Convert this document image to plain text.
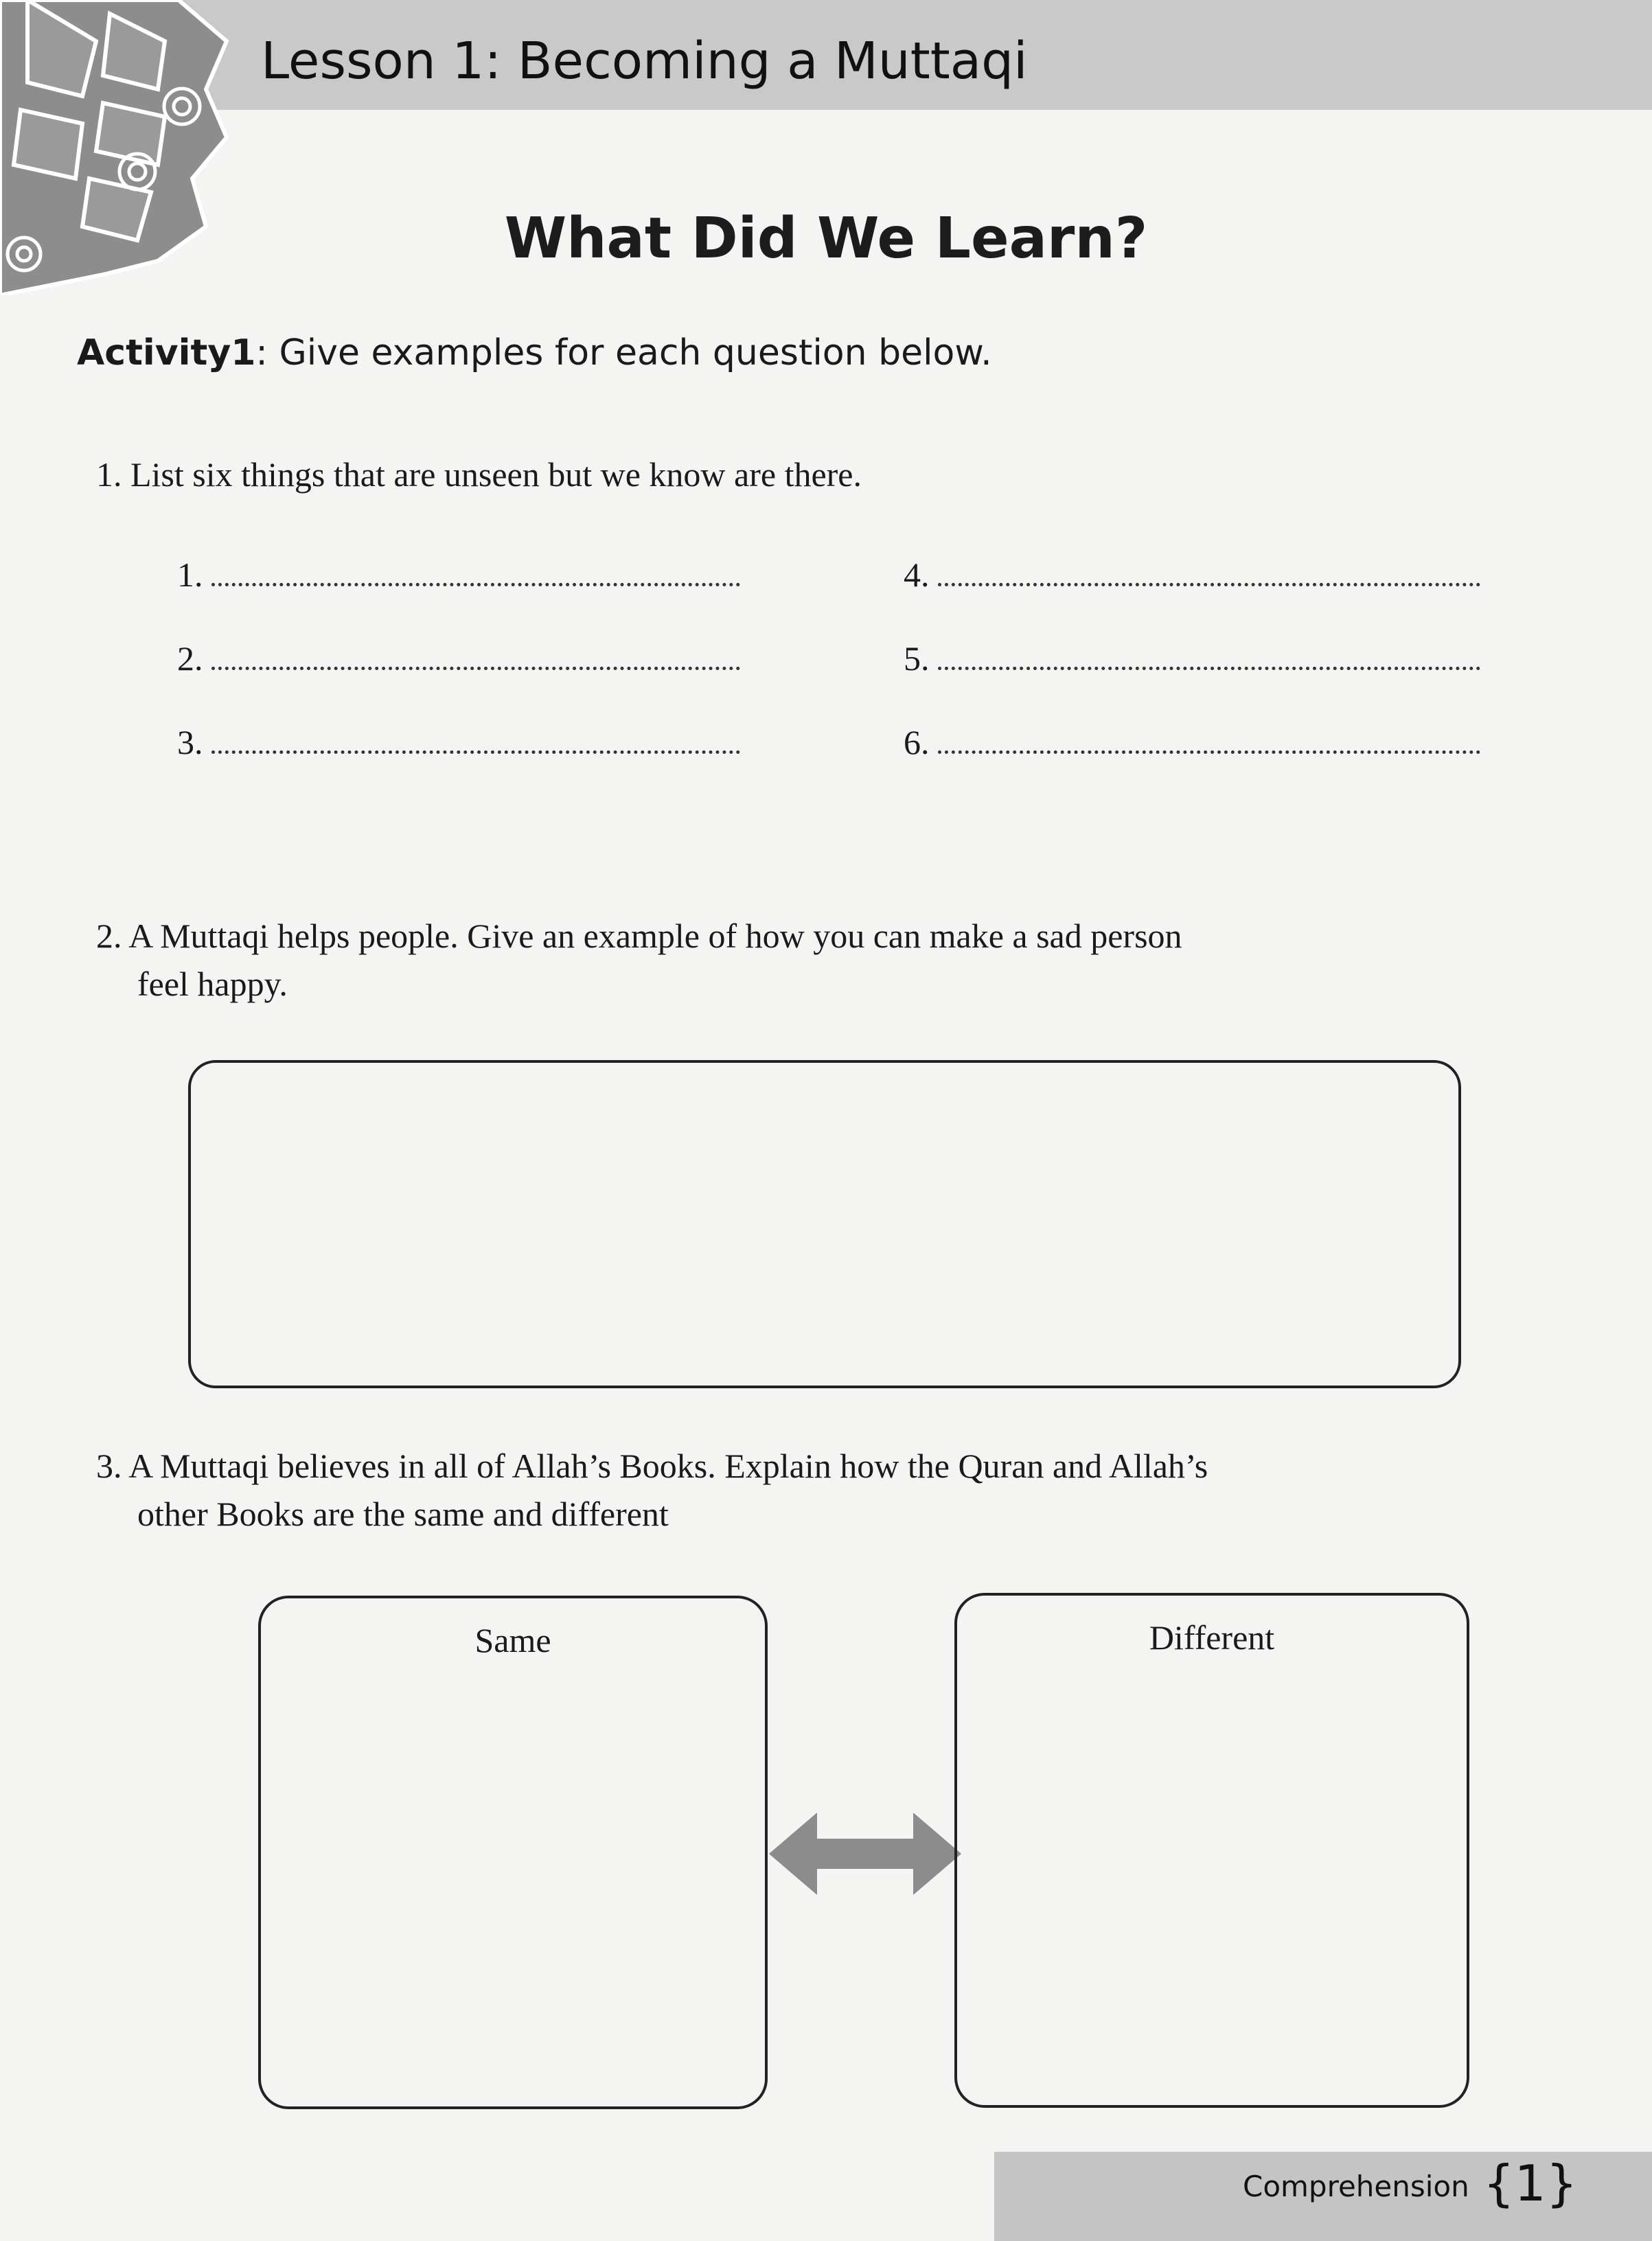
Lesson 1: Becoming a Muttaqi
What Did We Learn?
Activity1: Give examples for each question below.
1. List six things that are unseen but we know are there.
1.
2.
3.
4.
5.
6.
2. A Muttaqi helps people. Give an example of how you can make a sad person
feel happy.
3. A Muttaqi believes in all of Allah’s Books. Explain how the Quran and Allah’s
other Books are the same and different
Same	Different
Comprehension {1}
